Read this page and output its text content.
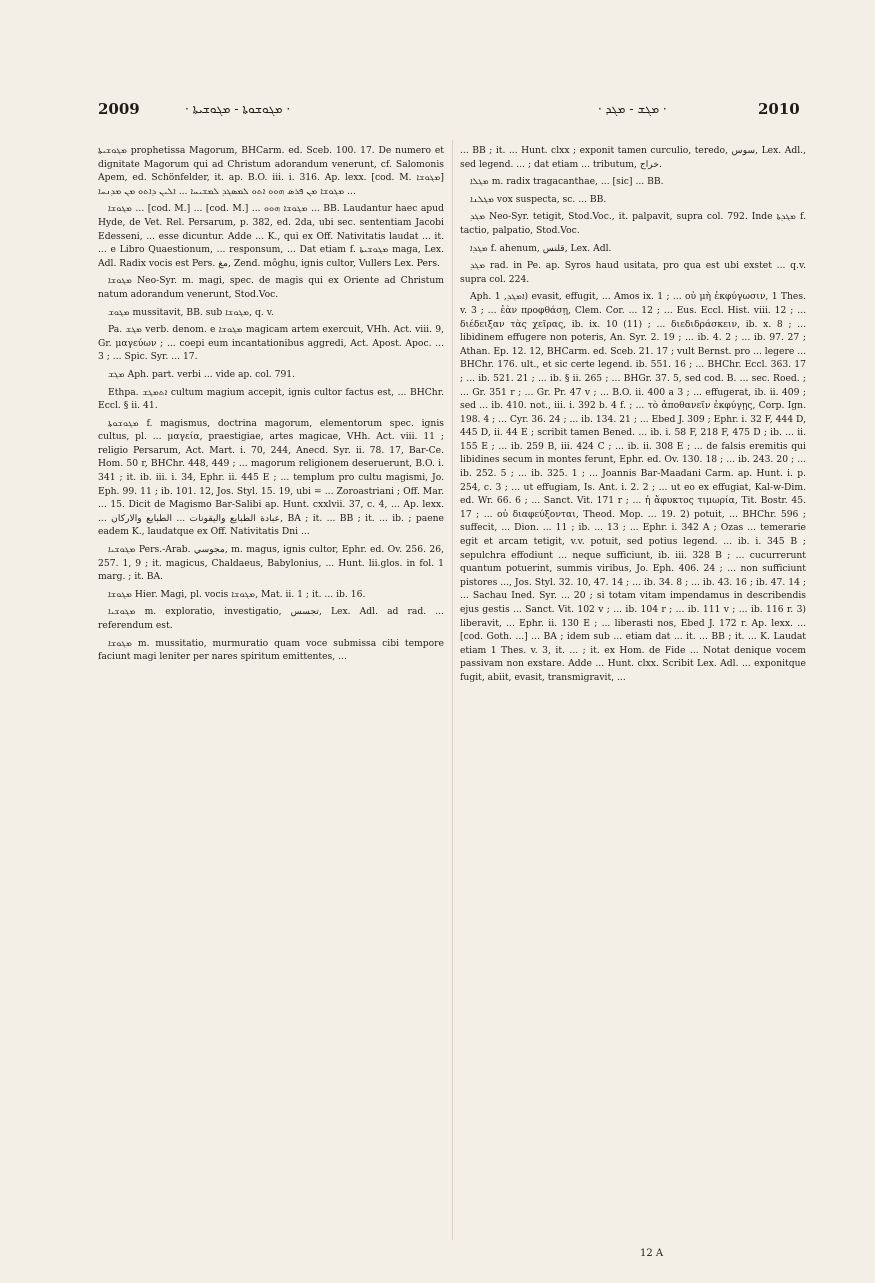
2009	· ܡܓܘܫܘܬܐ - ܡܓܘܫܝܬܐ ·	· ܡܓܫ - ܡܓܕ ·	2010

ܡܓܘܫܝܬܐ prophetissa Magorum, BHCarm. ed. Sceb. 100. 17. De numero et dignitate Magorum qui ad Christum adorandum venerunt, cf. Salomonis Apem, ed. Schönfelder, it. ap. B.O. iii. i. 316. Ap. lexx. [cod. M. ܡܓܘܫܐ] ܡܓܘܫܐ ܡܢ ܦܪܣ ܗܘܘ ܐܬܘ ܠܡܣܓܕ ܠܡܫܝܚܐ ... ܐܠܝܢ ܕܐܬܘ ܡܢ ܡܕܢܚܐ ...

ܡܓܘܫܐ ... [cod. M.] ... [cod. M.] ... ܡܓܘܫܐ ܗܘܘ ... BB. Laudantur haec apud Hyde, de Vet. Rel. Persarum, p. 382, ed. 2da, ubi sec. sententiam Jacobi Edesseni, ... esse dicuntur. Adde ... K., qui ex Off. Nativitatis laudat ... it. ... e Libro Quaestionum, ... responsum, ... Dat etiam f. ܡܓܘܫܝܬܐ maga, Lex. Adl. Radix vocis est Pers. مغ, Zend. môghu, ignis cultor, Vullers Lex. Pers.

ܡܓܘܫܐ Neo-Syr. m. magi, spec. de magis qui ex Oriente ad Christum natum adorandum venerunt, Stod.Voc.

ܡܓܘܫ mussitavit, BB. sub ܡܓܘܫܐ, q. v.

Pa. ܡܓܫ verb. denom. e ܡܓܘܫܐ magicam artem exercuit, VHh. Act. viii. 9, Gr. μαγεύων ; ... coepi eum incantationibus aggredi, Act. Apost. Apoc. ... 3 ; ... Spic. Syr. ... 17.

ܡܓܫ Aph. part. verbi ... vide ap. col. 791.

Ethpa. ܐܬܡܓܫ cultum magium accepit, ignis cultor factus est, ... BHChr. Eccl. § ii. 41.

ܡܓܘܫܘܬܐ f. magismus, doctrina magorum, elementorum spec. ignis cultus, pl. ... μαγεία, praestigiae, artes magicae, VHh. Act. viii. 11 ; religio Persarum, Act. Mart. i. 70, 244, Anecd. Syr. ii. 78. 17, Bar-Ce. Hom. 50 r, BHChr. 448, 449 ; ... magorum religionem deseruerunt, B.O. i. 341 ; it. ib. iii. i. 34, Ephr. ii. 445 E ; ... templum pro cultu magismi, Jo. Eph. 99. 11 ; ib. 101. 12, Jos. Styl. 15. 19, ubi = ... Zoroastriani ; Off. Mar. ... 15. Dicit de Magismo Bar-Salibi ap. Hunt. cxxlvii. 37, c. 4, ... Ap. lexx. ... عبادة الطبايع واليقونات ... الطبايع والاركان, BA ; it. ... BB ; it. ... ib. ; paene eadem K., laudatque ex Off. Nativitatis Dni ...

ܡܓܘܫܝܐ Pers.-Arab. مجوسي, m. magus, ignis cultor, Ephr. ed. Ov. 256. 26, 257. 1, 9 ; it. magicus, Chaldaeus, Babylonius, ... Hunt. lii.glos. in fol. 1 marg. ; it. BA.

ܡܓܘܫܐ Hier. Magi, pl. vocis ܡܓܘܫܐ, Mat. ii. 1 ; it. ... ib. 16.

ܡܓܘܫܝܐ m. exploratio, investigatio, تجسس, Lex. Adl. ad rad. ... referendum est.

ܡܓܘܫܐ m. mussitatio, murmuratio quam voce submissa cibi tempore faciunt magi leniter per nares spiritum emittentes, ...

... BB ; it. ... Hunt. clxx ; exponit tamen curculio, teredo, سوس, Lex. Adl., sed legend. ... ; dat etiam ... tributum, خراج.

ܡܓܠܐ m. radix tragacanthae, ... [sic] ... BB.

ܡܓܠܢܐ vox suspecta, sc. ... BB.

ܡܓܕ Neo-Syr. tetigit, Stod.Voc., it. palpavit, supra col. 792. Inde ܡܓܕܬܐ f. tactio, palpatio, Stod.Voc.

ܡܓܕܐ f. ahenum, قلنس, Lex. Adl.

ܡܓܕ rad. in Pe. ap. Syros haud usitata, pro qua est ubi exstet ... q.v. supra col. 224.

Aph. ܐܡܓܕ, 1) evasit, effugit, ... Amos ix. 1 ; ... οὐ μὴ ἐκφύγωσιν, 1 Thes. v. 3 ; ... ἐὰν προφθάσῃ, Clem. Cor. ... 12 ; ... Eus. Eccl. Hist. viii. 12 ; ... διέδειξαν τὰς χεῖρας, ib. ix. 10 (11) ; ... διεδιδράσκειν, ib. x. 8 ; ... libidinem effugere non poteris, An. Syr. 2. 19 ; ... ib. 4. 2 ; ... ib. 97. 27 ; Athan. Ep. 12. 12, BHCarm. ed. Sceb. 21. 17 ; vult Bernst. pro ... legere ... BHChr. 176. ult., et sic certe legend. ib. 551. 16 ; ... BHChr. Eccl. 363. 17 ; ... ib. 521. 21 ; ... ib. § ii. 265 ; ... BHGr. 37. 5, sed cod. B. ... sec. Roed. ; ... Gr. 351 r ; ... Gr. Pr. 47 v ; ... B.O. ii. 400 a 3 ; ... effugerat, ib. ii. 409 ; sed ... ib. 410. not., iii. i. 392 b. 4 f. ; ... τὸ ἀποθανεῖν ἐκφύγῃς, Corp. Ign. 198. 4 ; ... Cyr. 36. 24 ; ... ib. 134. 21 ; ... Ebed J. 309 ; Ephr. i. 32 F, 444 D, 445 D, ii. 44 E ; scribit tamen Bened. ... ib. i. 58 F, 218 F, 475 D ; ib. ... ii. 155 E ; ... ib. 259 B, iii. 424 C ; ... ib. ii. 308 E ; ... de falsis eremitis qui libidines secum in montes ferunt, Ephr. ed. Ov. 130. 18 ; ... ib. 243. 20 ; ... ib. 252. 5 ; ... ib. 325. 1 ; ... Joannis Bar-Maadani Carm. ap. Hunt. i. p. 254, c. 3 ; ... ut effugiam, Is. Ant. i. 2. 2 ; ... ut eo ex effugiat, Kal-w-Dim. ed. Wr. 66. 6 ; ... Sanct. Vit. 171 r ; ... ἡ ἄφυκτος τιμωρία, Tit. Bostr. 45. 17 ; ... οὐ διαφεύξονται, Theod. Mop. ... 19. 2) potuit, ... BHChr. 596 ; suffecit, ... Dion. ... 11 ; ib. ... 13 ; ... Ephr. i. 342 A ; Ozas ... temerarie egit et arcam tetigit, v.v. potuit, sed potius legend. ... ib. i. 345 B ; sepulchra effodiunt ... neque sufficiunt, ib. iii. 328 B ; ... cucurrerunt quantum potuerint, summis viribus, Jo. Eph. 406. 24 ; ... non sufficiunt pistores ..., Jos. Styl. 32. 10, 47. 14 ; ... ib. 34. 8 ; ... ib. 43. 16 ; ib. 47. 14 ; ... Sachau Ined. Syr. ... 20 ; si totam vitam impendamus in describendis ejus gestis ... Sanct. Vit. 102 v ; ... ib. 104 r ; ... ib. 111 v ; ... ib. 116 r. 3) liberavit, ... Ephr. ii. 130 E ; ... liberasti nos, Ebed J. 172 r. Ap. lexx. ... [cod. Goth. ...] ... BA ; idem sub ... etiam dat ... it. ... BB ; it. ... K. Laudat etiam 1 Thes. v. 3, it. ... ; it. ex Hom. de Fide ... Notat denique vocem passivam non exstare. Adde ... Hunt. clxx. Scribit Lex. Adl. ... exponitque fugit, abiit, evasit, transmigravit, ...

12 A
